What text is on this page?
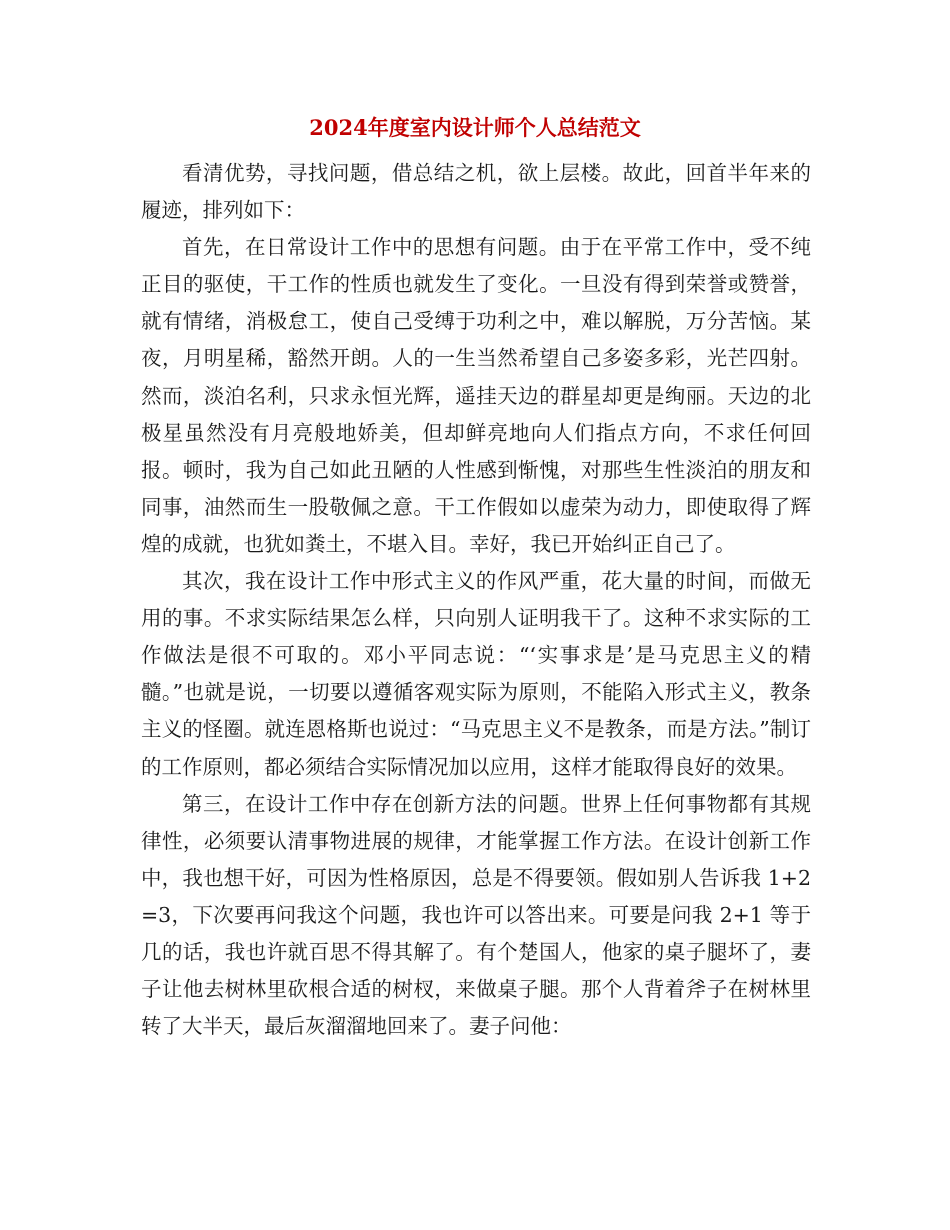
2024年度室内设计师个人总结范文

看清优势，寻找问题，借总结之机，欲上层楼。故此，回首半年来的履迹，排列如下：

首先，在日常设计工作中的思想有问题。由于在平常工作中，受不纯正目的驱使，干工作的性质也就发生了变化。一旦没有得到荣誉或赞誉，就有情绪，消极怠工，使自己受缚于功利之中，难以解脱，万分苦恼。某夜，月明星稀，豁然开朗。人的一生当然希望自己多姿多彩，光芒四射。然而，淡泊名利，只求永恒光辉，遥挂天边的群星却更是绚丽。天边的北极星虽然没有月亮般地娇美，但却鲜亮地向人们指点方向，不求任何回报。顿时，我为自己如此丑陋的人性感到惭愧，对那些生性淡泊的朋友和同事，油然而生一股敬佩之意。干工作假如以虚荣为动力，即使取得了辉煌的成就，也犹如粪土，不堪入目。幸好，我已开始纠正自己了。

其次，我在设计工作中形式主义的作风严重，花大量的时间，而做无用的事。不求实际结果怎么样，只向别人证明我干了。这种不求实际的工作做法是很不可取的。邓小平同志说：“‘实事求是’是马克思主义的精髓。”也就是说，一切要以遵循客观实际为原则，不能陷入形式主义，教条主义的怪圈。就连恩格斯也说过：“马克思主义不是教条，而是方法。”制订的工作原则，都必须结合实际情况加以应用，这样才能取得良好的效果。

第三，在设计工作中存在创新方法的问题。世界上任何事物都有其规律性，必须要认清事物进展的规律，才能掌握工作方法。在设计创新工作中，我也想干好，可因为性格原因，总是不得要领。假如别人告诉我 1+2=3，下次要再问我这个问题，我也许可以答出来。可要是问我 2+1 等于几的话，我也许就百思不得其解了。有个楚国人，他家的桌子腿坏了，妻子让他去树林里砍根合适的树杈，来做桌子腿。那个人背着斧子在树林里转了大半天，最后灰溜溜地回来了。妻子问他：
